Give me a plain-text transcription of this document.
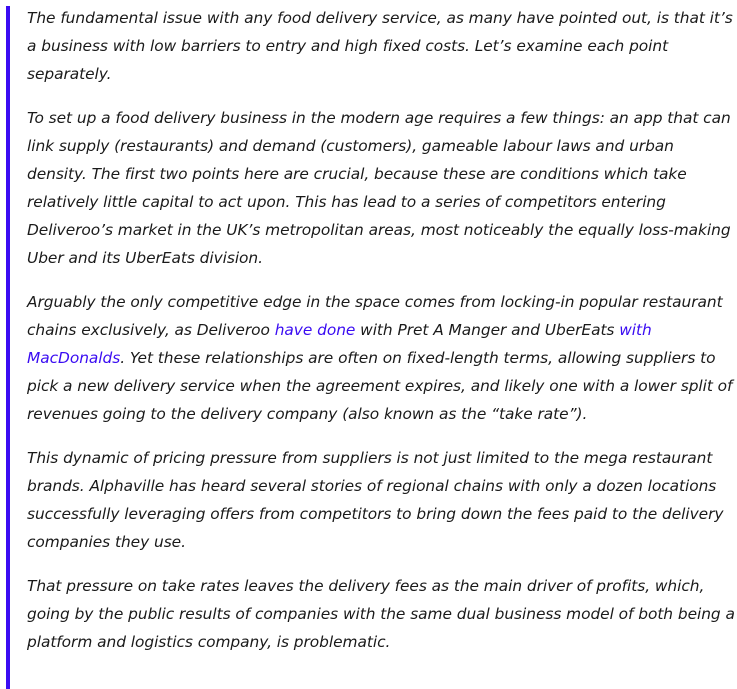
The fundamental issue with any food delivery service, as many have pointed out, is that it’s a business with low barriers to entry and high fixed costs. Let’s examine each point separately.

To set up a food delivery business in the modern age requires a few things: an app that can link supply (restaurants) and demand (customers), gameable labour laws and urban density. The first two points here are crucial, because these are conditions which take relatively little capital to act upon. This has lead to a series of competitors entering Deliveroo’s market in the UK’s metropolitan areas, most noticeably the equally loss-making Uber and its UberEats division.

Arguably the only competitive edge in the space comes from locking-in popular restaurant chains exclusively, as Deliveroo have done with Pret A Manger and UberEats with MacDonalds. Yet these relationships are often on fixed-length terms, allowing suppliers to pick a new delivery service when the agreement expires, and likely one with a lower split of revenues going to the delivery company (also known as the “take rate”).

This dynamic of pricing pressure from suppliers is not just limited to the mega restaurant brands. Alphaville has heard several stories of regional chains with only a dozen locations successfully leveraging offers from competitors to bring down the fees paid to the delivery companies they use.

That pressure on take rates leaves the delivery fees as the main driver of profits, which, going by the public results of companies with the same dual business model of both being a platform and logistics company, is problematic.
